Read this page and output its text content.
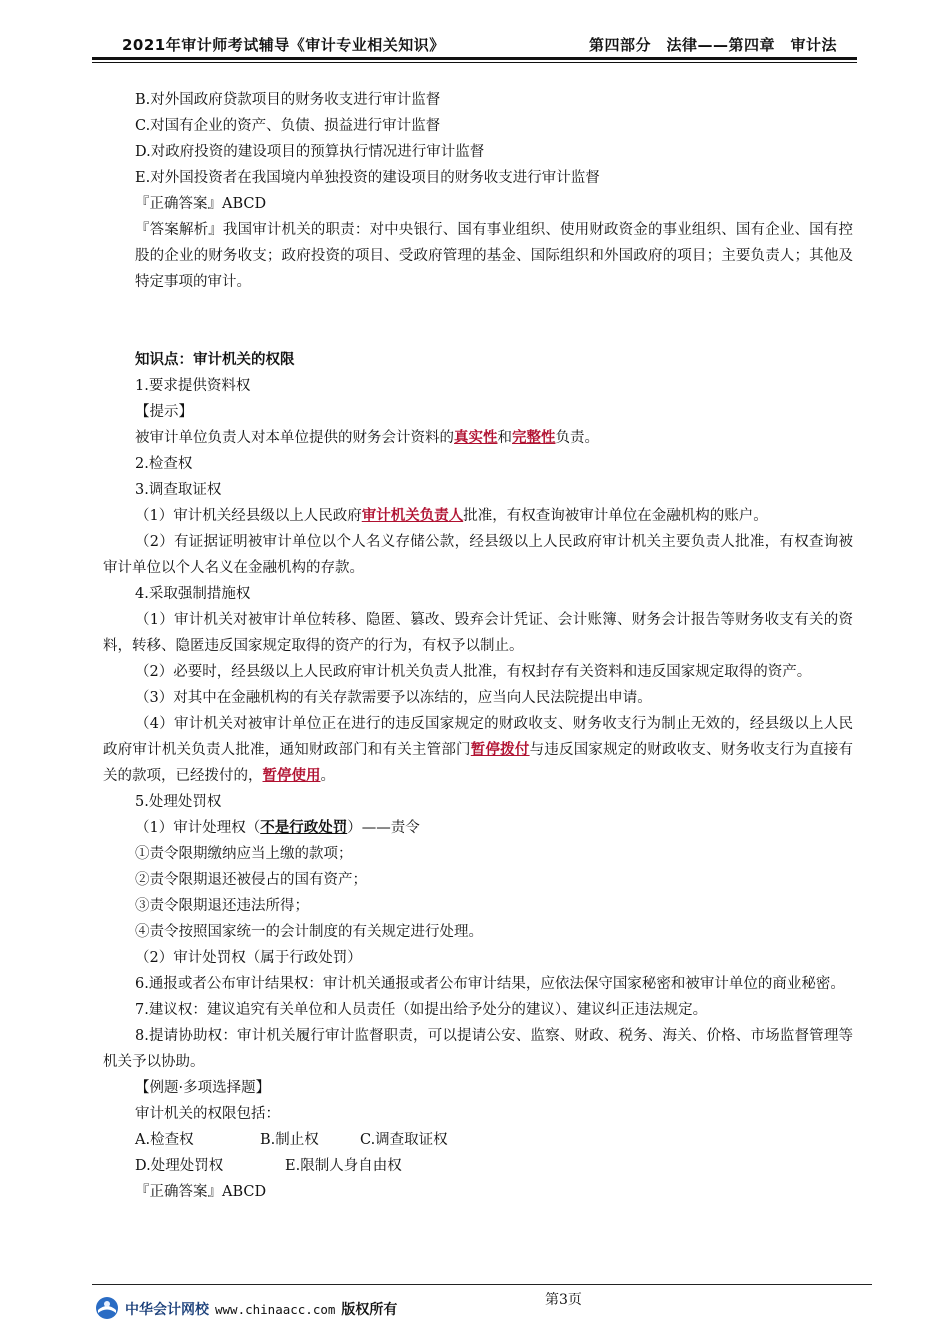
2021年审计师考试辅导《审计专业相关知识》	第四部分　法律——第四章　审计法

B.对外国政府贷款项目的财务收支进行审计监督

C.对国有企业的资产、负债、损益进行审计监督

D.对政府投资的建设项目的预算执行情况进行审计监督

E.对外国投资者在我国境内单独投资的建设项目的财务收支进行审计监督

『正确答案』ABCD

『答案解析』我国审计机关的职责：对中央银行、国有事业组织、使用财政资金的事业组织、国有企业、国有控股的企业的财务收支；政府投资的项目、受政府管理的基金、国际组织和外国政府的项目；主要负责人；其他及特定事项的审计。

知识点：审计机关的权限

1.要求提供资料权

【提示】

被审计单位负责人对本单位提供的财务会计资料的真实性和完整性负责。

2.检查权

3.调查取证权

（1）审计机关经县级以上人民政府审计机关负责人批准，有权查询被审计单位在金融机构的账户。

（2）有证据证明被审计单位以个人名义存储公款，经县级以上人民政府审计机关主要负责人批准，有权查询被审计单位以个人名义在金融机构的存款。

4.采取强制措施权

（1）审计机关对被审计单位转移、隐匿、篡改、毁弃会计凭证、会计账簿、财务会计报告等财务收支有关的资料，转移、隐匿违反国家规定取得的资产的行为，有权予以制止。

（2）必要时，经县级以上人民政府审计机关负责人批准，有权封存有关资料和违反国家规定取得的资产。

（3）对其中在金融机构的有关存款需要予以冻结的，应当向人民法院提出申请。

（4）审计机关对被审计单位正在进行的违反国家规定的财政收支、财务收支行为制止无效的，经县级以上人民政府审计机关负责人批准，通知财政部门和有关主管部门暂停拨付与违反国家规定的财政收支、财务收支行为直接有关的款项，已经拨付的，暂停使用。

5.处理处罚权

（1）审计处理权（不是行政处罚）——责令

①责令限期缴纳应当上缴的款项；

②责令限期退还被侵占的国有资产；

③责令限期退还违法所得；

④责令按照国家统一的会计制度的有关规定进行处理。

（2）审计处罚权（属于行政处罚）

6.通报或者公布审计结果权：审计机关通报或者公布审计结果，应依法保守国家秘密和被审计单位的商业秘密。

7.建议权：建议追究有关单位和人员责任（如提出给予处分的建议）、建议纠正违法规定。

8.提请协助权：审计机关履行审计监督职责，可以提请公安、监察、财政、税务、海关、价格、市场监督管理等机关予以协助。

【例题·多项选择题】

审计机关的权限包括：

A.检查权	B.制止权	C.调查取证权

D.处理处罚权	E.限制人身自由权

『正确答案』ABCD

第3页
中华会计网校 www.chinaacc.com 版权所有
